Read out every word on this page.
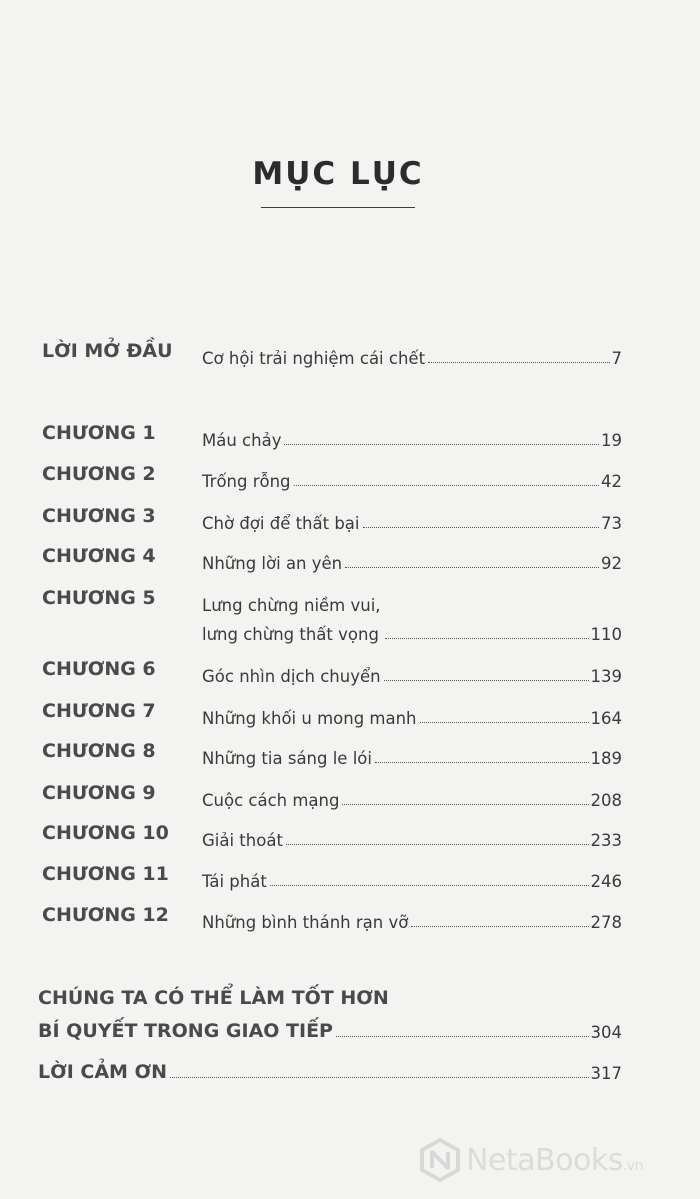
MỤC LỤC
LỜI MỞ ĐẦU Cơ hội trải nghiệm cái chết	7
CHƯƠNG 1	Máu chảy	19
CHƯƠNG 2	Trống rỗng	42
CHƯƠNG 3	Chờ đợi để thất bại	73
CHƯƠNG 4	Những lời an yên	92
CHƯƠNG 5	Lưng chừng niềm vui,
lưng chừng thất vọng	110
CHƯƠNG 6	Góc nhìn dịch chuyển	139
CHƯƠNG 7	Những khối u mong manh	164
CHƯƠNG 8	Những tia sáng le lói	189
CHƯƠNG 9	Cuộc cách mạng	208
CHƯƠNG 10 Giải thoát	233
CHƯƠNG 11 Tái phát	246
CHƯƠNG 12 Những bình thánh rạn vỡ	278
CHÚNG TA CÓ THỂ LÀM TỐT HƠN
BÍ QUYẾT TRONG GIAO TIẾP	304
LỜI CẢM ƠN	317
NetaBooks.vn
